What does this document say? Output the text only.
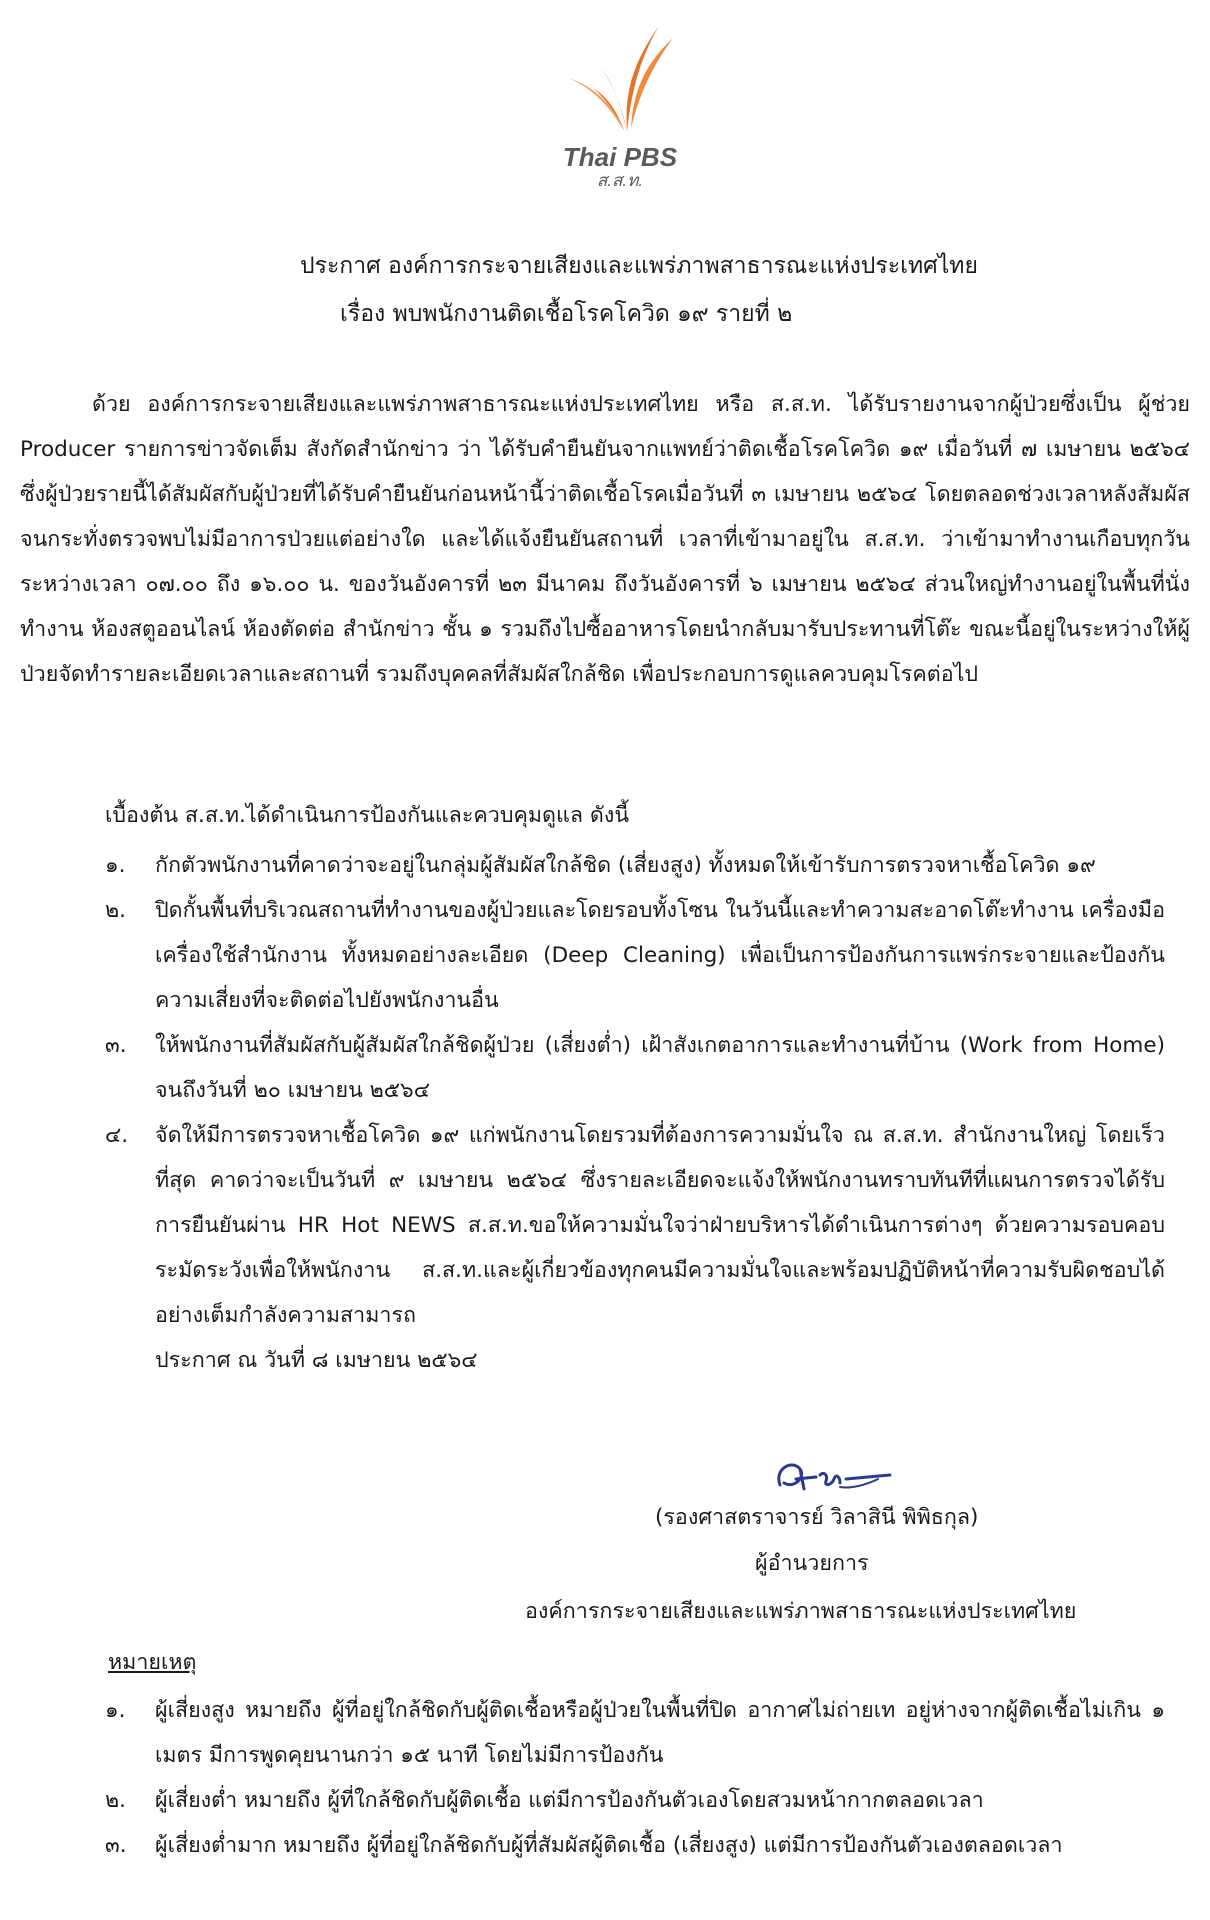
Thai PBS
ส.ส.ท.
ประกาศ องค์การกระจายเสียงและแพร่ภาพสาธารณะแห่งประเทศไทย
เรื่อง พบพนักงานติดเชื้อโรคโควิด ๑๙ รายที่ ๒
ด้วย องค์การกระจายเสียงและแพร่ภาพสาธารณะแห่งประเทศไทย หรือ ส.ส.ท. ได้รับรายงานจากผู้ป่วยซึ่งเป็น ผู้ช่วย Producer รายการข่าวจัดเต็ม สังกัดสำนักข่าว ว่า ได้รับคำยืนยันจากแพทย์ว่าติดเชื้อโรคโควิด ๑๙ เมื่อวันที่ ๗ เมษายน ๒๕๖๔ ซึ่งผู้ป่วยรายนี้ได้สัมผัสกับผู้ป่วยที่ได้รับคำยืนยันก่อนหน้านี้ว่าติดเชื้อโรคเมื่อวันที่ ๓ เมษายน ๒๕๖๔ โดยตลอดช่วงเวลาหลังสัมผัสจนกระทั่งตรวจพบไม่มีอาการป่วยแต่อย่างใด และได้แจ้งยืนยันสถานที่ เวลาที่เข้ามาอยู่ใน ส.ส.ท. ว่าเข้ามาทำงานเกือบทุกวันระหว่างเวลา ๐๗.๐๐ ถึง ๑๖.๐๐ น. ของวันอังคารที่ ๒๓ มีนาคม ถึงวันอังคารที่ ๖ เมษายน ๒๕๖๔ ส่วนใหญ่ทำงานอยู่ในพื้นที่นั่งทำงาน ห้องสตูออนไลน์ ห้องตัดต่อ สำนักข่าว ชั้น ๑ รวมถึงไปซื้ออาหารโดยนำกลับมารับประทานที่โต๊ะ ขณะนี้อยู่ในระหว่างให้ผู้ป่วยจัดทำรายละเอียดเวลาและสถานที่ รวมถึงบุคคลที่สัมผัสใกล้ชิด เพื่อประกอบการดูแลควบคุมโรคต่อไป
เบื้องต้น ส.ส.ท.ได้ดำเนินการป้องกันและควบคุมดูแล ดังนี้
๑. กักตัวพนักงานที่คาดว่าจะอยู่ในกลุ่มผู้สัมผัสใกล้ชิด (เสี่ยงสูง) ทั้งหมดให้เข้ารับการตรวจหาเชื้อโควิด ๑๙
๒. ปิดกั้นพื้นที่บริเวณสถานที่ทำงานของผู้ป่วยและโดยรอบทั้งโซน ในวันนี้และทำความสะอาดโต๊ะทำงาน เครื่องมือ เครื่องใช้สำนักงาน ทั้งหมดอย่างละเอียด (Deep Cleaning) เพื่อเป็นการป้องกันการแพร่กระจายและป้องกันความเสี่ยงที่จะติดต่อไปยังพนักงานอื่น
๓. ให้พนักงานที่สัมผัสกับผู้สัมผัสใกล้ชิดผู้ป่วย (เสี่ยงต่ำ) เฝ้าสังเกตอาการและทำงานที่บ้าน (Work from Home) จนถึงวันที่ ๒๐ เมษายน ๒๕๖๔
๔. จัดให้มีการตรวจหาเชื้อโควิด ๑๙ แก่พนักงานโดยรวมที่ต้องการความมั่นใจ ณ ส.ส.ท. สำนักงานใหญ่ โดยเร็วที่สุด คาดว่าจะเป็นวันที่ ๙ เมษายน ๒๕๖๔ ซึ่งรายละเอียดจะแจ้งให้พนักงานทราบทันทีที่แผนการตรวจได้รับการยืนยันผ่าน HR Hot NEWS ส.ส.ท.ขอให้ความมั่นใจว่าฝ่ายบริหารได้ดำเนินการต่างๆ ด้วยความรอบคอบ ระมัดระวังเพื่อให้พนักงาน ส.ส.ท.และผู้เกี่ยวข้องทุกคนมีความมั่นใจและพร้อมปฏิบัติหน้าที่ความรับผิดชอบได้อย่างเต็มกำลังความสามารถ
ประกาศ ณ วันที่ ๘ เมษายน ๒๕๖๔
(รองศาสตราจารย์ วิลาสินี พิพิธกุล)
ผู้อำนวยการ
องค์การกระจายเสียงและแพร่ภาพสาธารณะแห่งประเทศไทย
หมายเหตุ
๑. ผู้เสี่ยงสูง หมายถึง ผู้ที่อยู่ใกล้ชิดกับผู้ติดเชื้อหรือผู้ป่วยในพื้นที่ปิด อากาศไม่ถ่ายเท อยู่ห่างจากผู้ติดเชื้อไม่เกิน ๑ เมตร มีการพูดคุยนานกว่า ๑๕ นาที โดยไม่มีการป้องกัน
๒. ผู้เสี่ยงต่ำ หมายถึง ผู้ที่ใกล้ชิดกับผู้ติดเชื้อ แต่มีการป้องกันตัวเองโดยสวมหน้ากากตลอดเวลา
๓. ผู้เสี่ยงต่ำมาก หมายถึง ผู้ที่อยู่ใกล้ชิดกับผู้ที่สัมผัสผู้ติดเชื้อ (เสี่ยงสูง) แต่มีการป้องกันตัวเองตลอดเวลา
